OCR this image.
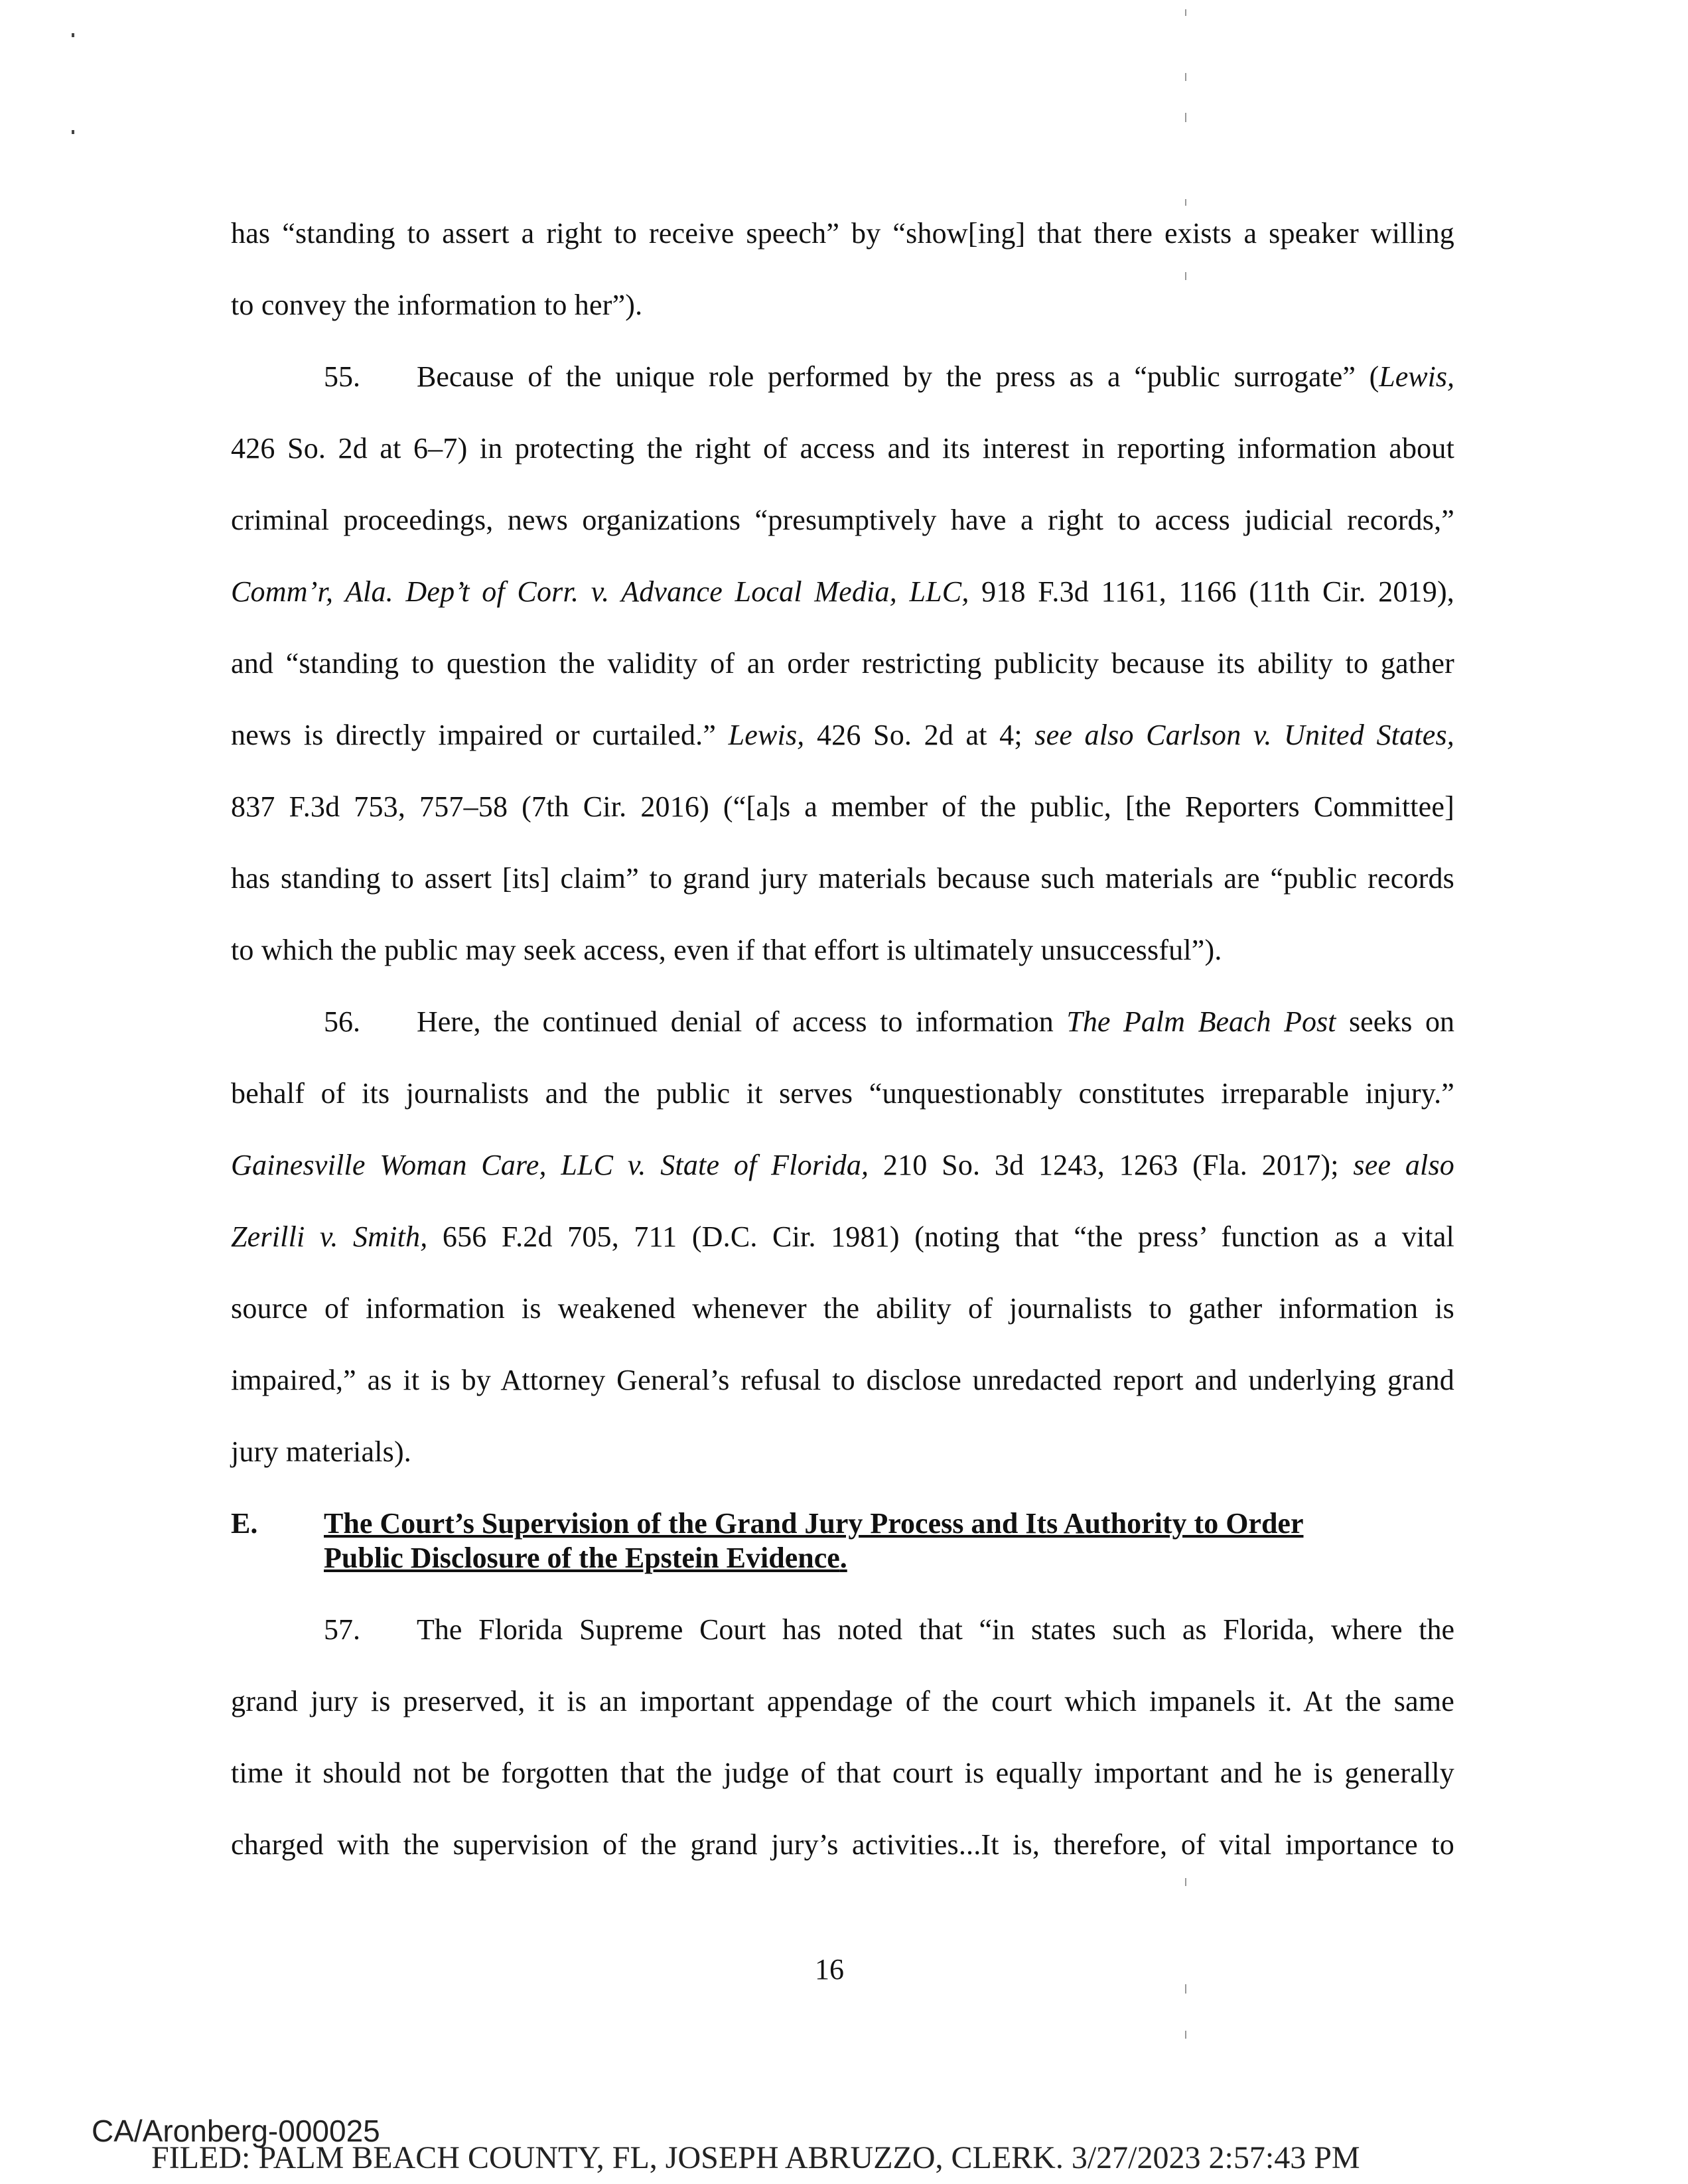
has “standing to assert a right to receive speech” by “show[ing] that there exists a speaker willing
to convey the information to her”).
55. Because of the unique role performed by the press as a “public surrogate” (Lewis,
426 So. 2d at 6–7) in protecting the right of access and its interest in reporting information about
criminal proceedings, news organizations “presumptively have a right to access judicial records,”
Comm’r, Ala. Dep’t of Corr. v. Advance Local Media, LLC, 918 F.3d 1161, 1166 (11th Cir. 2019),
and “standing to question the validity of an order restricting publicity because its ability to gather
news is directly impaired or curtailed.” Lewis, 426 So. 2d at 4; see also Carlson v. United States,
837 F.3d 753, 757–58 (7th Cir. 2016) (“[a]s a member of the public, [the Reporters Committee]
has standing to assert [its] claim” to grand jury materials because such materials are “public records
to which the public may seek access, even if that effort is ultimately unsuccessful”).
56. Here, the continued denial of access to information The Palm Beach Post seeks on
behalf of its journalists and the public it serves “unquestionably constitutes irreparable injury.”
Gainesville Woman Care, LLC v. State of Florida, 210 So. 3d 1243, 1263 (Fla. 2017); see also
Zerilli v. Smith, 656 F.2d 705, 711 (D.C. Cir. 1981) (noting that “the press’ function as a vital
source of information is weakened whenever the ability of journalists to gather information is
impaired,” as it is by Attorney General’s refusal to disclose unredacted report and underlying grand
jury materials).
E. The Court’s Supervision of the Grand Jury Process and Its Authority to Order
Public Disclosure of the Epstein Evidence.
57. The Florida Supreme Court has noted that “in states such as Florida, where the
grand jury is preserved, it is an important appendage of the court which impanels it. At the same
time it should not be forgotten that the judge of that court is equally important and he is generally
charged with the supervision of the grand jury’s activities...It is, therefore, of vital importance to
16
CA/Aronberg-000025
FILED: PALM BEACH COUNTY, FL, JOSEPH ABRUZZO, CLERK. 3/27/2023 2:57:43 PM
